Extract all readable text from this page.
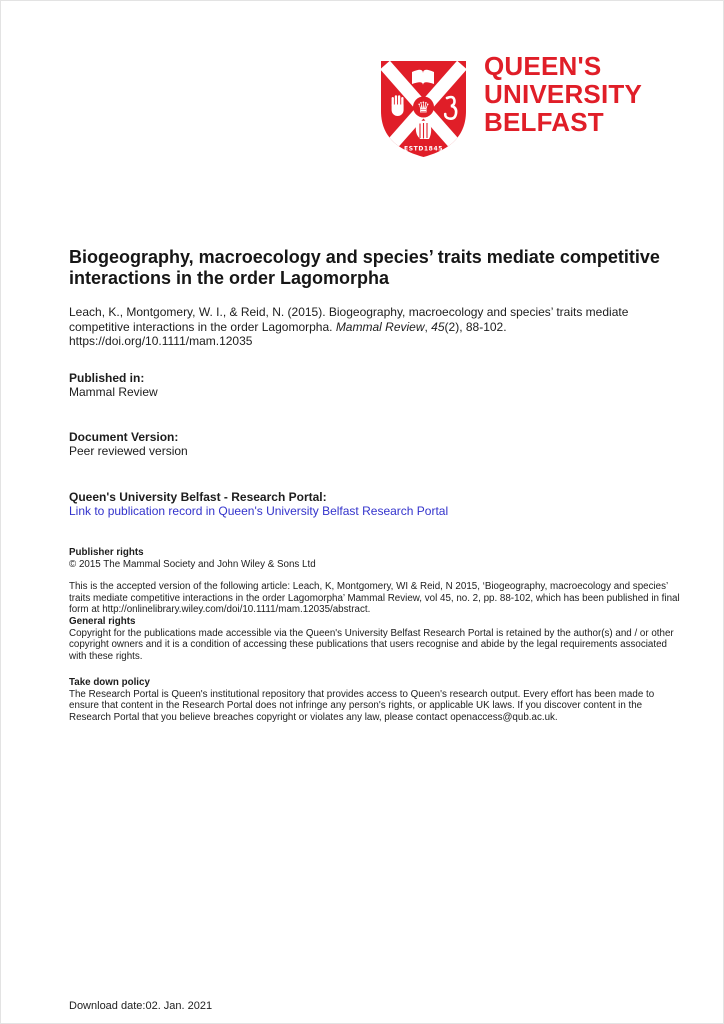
♛
ESTD1845
QUEEN'S
UNIVERSITY
BELFAST
Biogeography, macroecology and species’ traits mediate competitive interactions in the order Lagomorpha

Leach, K., Montgomery, W. I., & Reid, N. (2015). Biogeography, macroecology and species’ traits mediate competitive interactions in the order Lagomorpha. Mammal Review, 45(2), 88-102.
https://doi.org/10.1111/mam.12035

Published in:
Mammal Review
Document Version:
Peer reviewed version
Queen's University Belfast - Research Portal:
Link to publication record in Queen's University Belfast Research Portal
Publisher rights
© 2015 The Mammal Society and John Wiley & Sons Ltd
This is the accepted version of the following article: Leach, K, Montgomery, WI & Reid, N 2015, ‘Biogeography, macroecology and species’ traits mediate competitive interactions in the order Lagomorpha’ Mammal Review, vol 45, no. 2, pp. 88-102, which has been published in final form at http://onlinelibrary.wiley.com/doi/10.1111/mam.12035/abstract.
General rights
Copyright for the publications made accessible via the Queen's University Belfast Research Portal is retained by the author(s) and / or other copyright owners and it is a condition of accessing these publications that users recognise and abide by the legal requirements associated with these rights.
Take down policy
The Research Portal is Queen's institutional repository that provides access to Queen's research output. Every effort has been made to ensure that content in the Research Portal does not infringe any person's rights, or applicable UK laws. If you discover content in the Research Portal that you believe breaches copyright or violates any law, please contact openaccess@qub.ac.uk.
Download date:02. Jan. 2021
